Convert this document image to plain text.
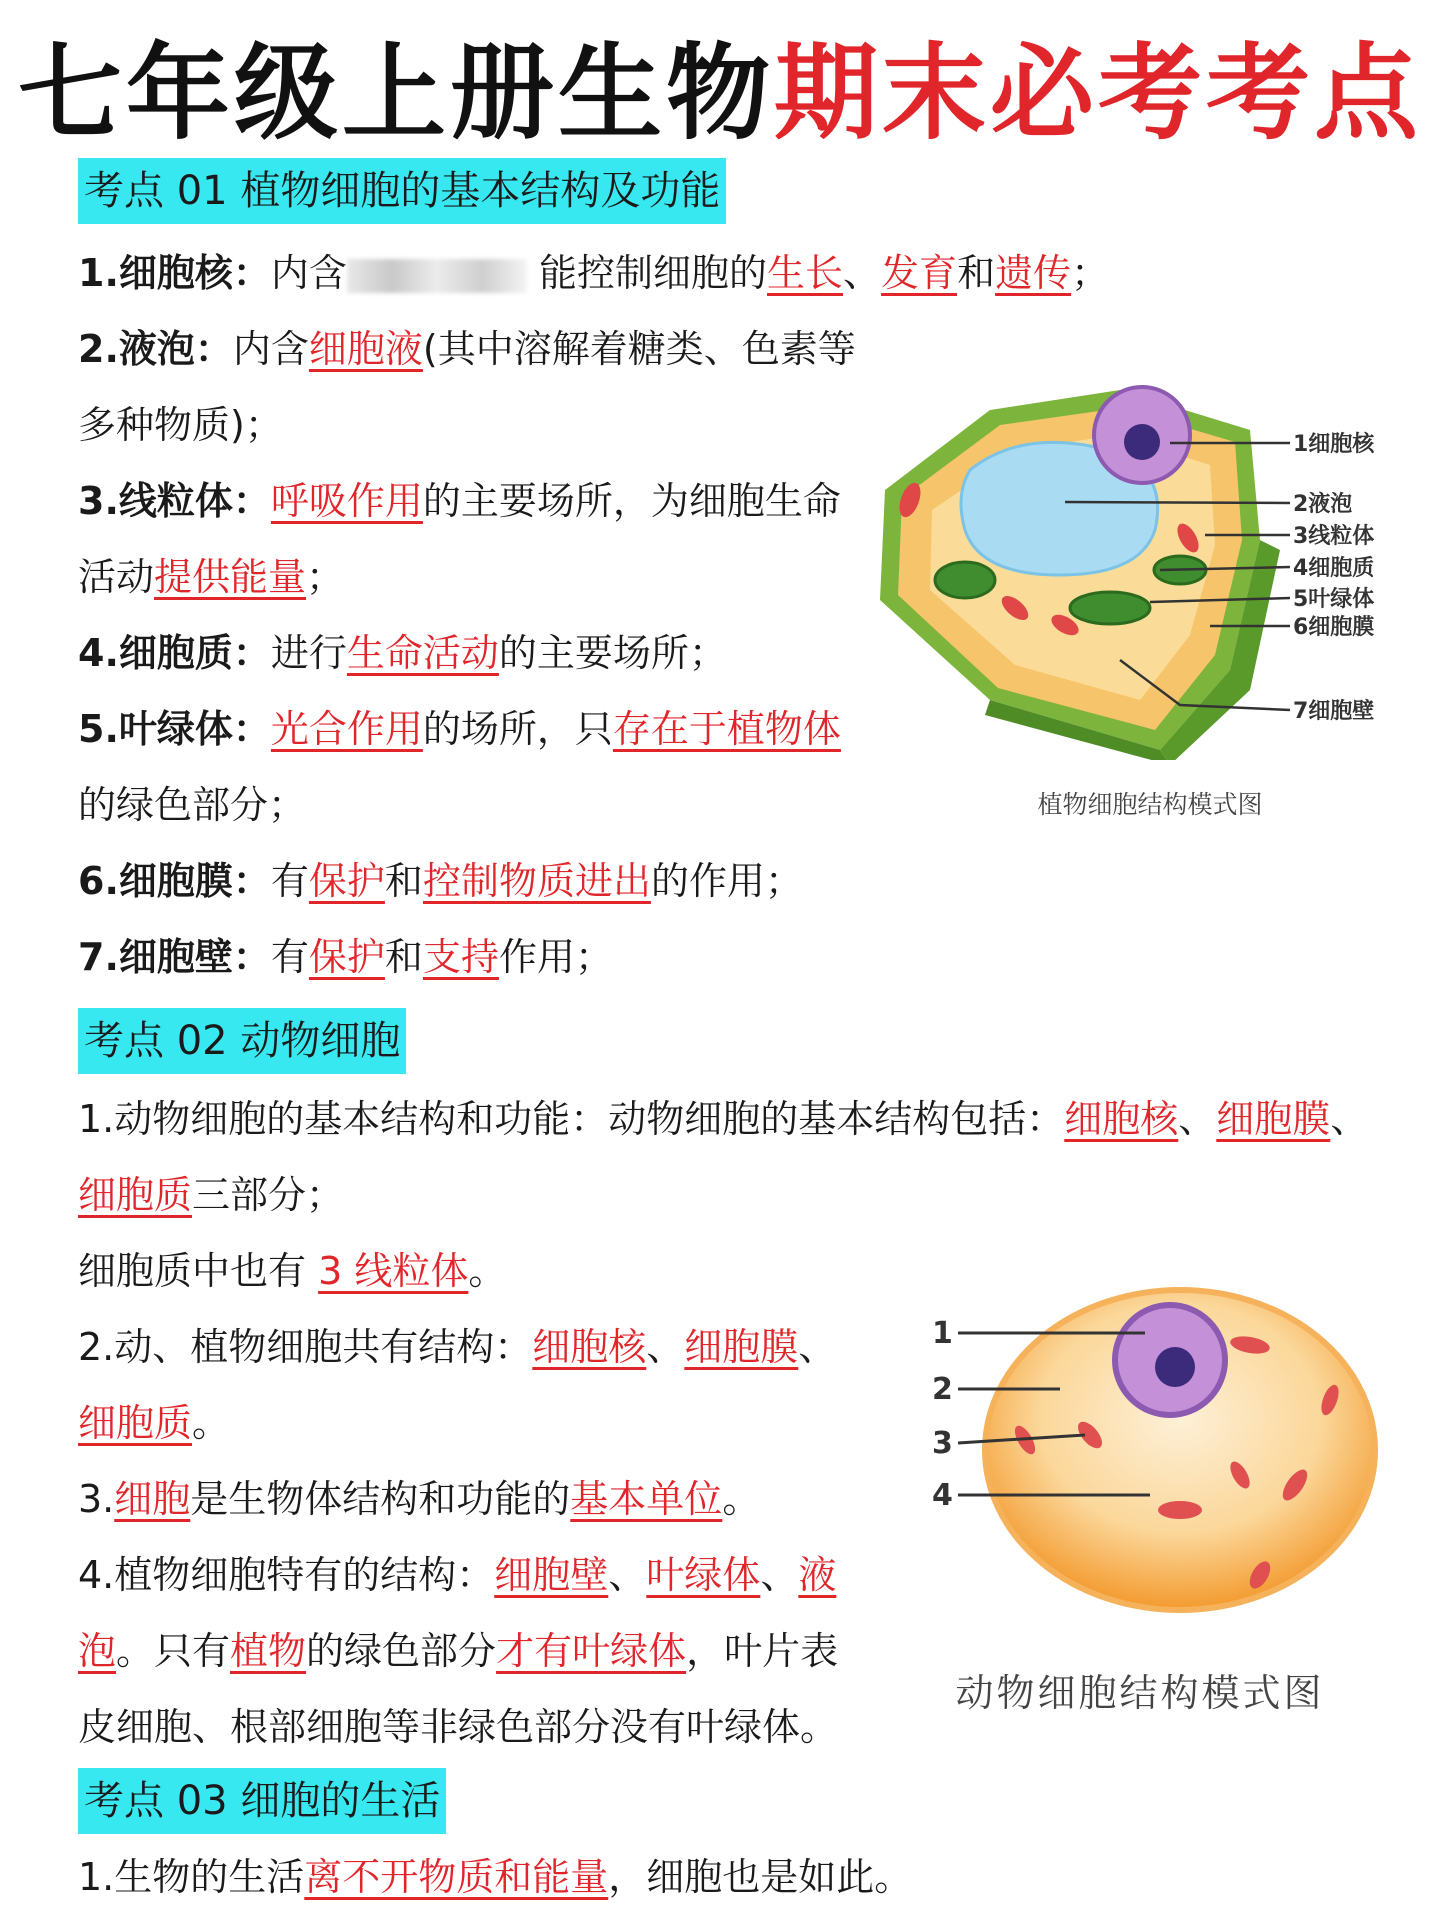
七年级上册生物期末必考考点
考点 01 植物细胞的基本结构及功能
1.细胞核：内含	能控制细胞的生长、发育和遗传；
2.液泡：内含细胞液(其中溶解着糖类、色素等
多种物质)；
3.线粒体：呼吸作用的主要场所，为细胞生命
活动提供能量；
4.细胞质：进行生命活动的主要场所；
5.叶绿体：光合作用的场所，只存在于植物体
的绿色部分；
6.细胞膜：有保护和控制物质进出的作用；
7.细胞壁：有保护和支持作用；
1细胞核
2液泡
3线粒体
4细胞质
5叶绿体
6细胞膜
7细胞壁
植物细胞结构模式图
考点 02 动物细胞
1.动物细胞的基本结构和功能：动物细胞的基本结构包括：细胞核、细胞膜、
细胞质三部分；
细胞质中也有 3 线粒体。
2.动、植物细胞共有结构：细胞核、细胞膜、
细胞质。
3.细胞是生物体结构和功能的基本单位。
4.植物细胞特有的结构：细胞壁、叶绿体、液
泡。只有植物的绿色部分才有叶绿体，叶片表
皮细胞、根部细胞等非绿色部分没有叶绿体。
1
2
3
4
动物细胞结构模式图
考点 03 细胞的生活
1.生物的生活离不开物质和能量，细胞也是如此。
